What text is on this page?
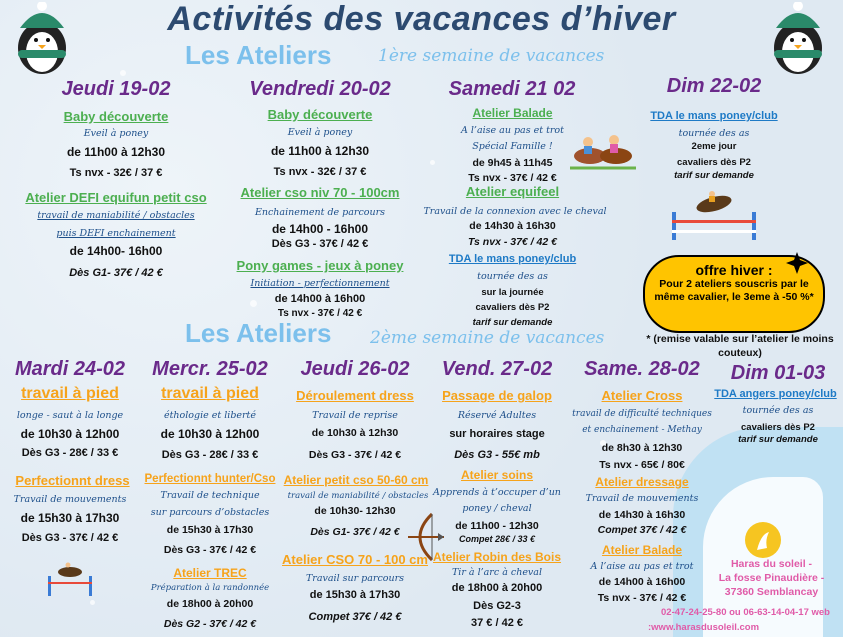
Activités des vacances d’hiver
Les Ateliers	1ère semaine de vacances
Jeudi 19-02
Baby découverte
Eveil à poney
de 11h00 à 12h30
Ts nvx - 32€ / 37 €
Atelier DEFI equifun petit cso
travail de maniabilité / obstacles
puis DEFI enchainement
de 14h00- 16h00
Dès G1- 37€ / 42 €
Vendredi 20-02
Baby découverte
Eveil à poney
de 11h00 à 12h30
Ts nvx - 32€ / 37 €
Atelier cso niv 70 - 100cm
Enchainement de parcours
de 14h00 - 16h00
Dès G3 - 37€ / 42 €
Pony games - jeux à poney
Initiation - perfectionnement
de 14h00 à 16h00
Ts nvx - 37€ / 42 €
Samedi 21 02
Atelier Balade
A l’aise au pas et trot
Spécial Famille !
de 9h45 à 11h45
Ts nvx - 37€ / 42 €
Atelier equifeel
Travail de la connexion avec le cheval
de 14h30 à 16h30
Ts nvx - 37€ / 42 €
TDA le mans poney/club
tournée des as
sur la journée
cavaliers dès P2
tarif sur demande
Dim 22-02
TDA le mans poney/club
tournée des as
2eme jour
cavaliers dès P2
tarif sur demande
offre hiver :
Pour 2 ateliers souscris par le même cavalier, le 3eme à -50 %*
* (remise valable sur l’atelier le moins couteux)
Les Ateliers 2ème semaine de vacances
Mardi 24-02
travail à pied
longe - saut à la longe
de 10h30 à 12h00
Dès G3 - 28€ / 33 €
Perfectionnt dress
Travail de mouvements
de 15h30 à 17h30
Dès G3 - 37€ / 42 €
Mercr. 25-02
travail à pied
éthologie et liberté
de 10h30 à 12h00
Dès G3 - 28€ / 33 €
Perfectionnt hunter/Cso
Travail de technique
sur parcours d’obstacles
de 15h30 à 17h30
Dès G3 - 37€ / 42 €
Atelier TREC
Préparation à la randonnée
de 18h00 à 20h00
Dès G2 - 37€ / 42 €
Jeudi 26-02
Déroulement dress
Travail de reprise
de 10h30 à 12h30
Dès G3 - 37€ / 42 €
Atelier petit cso 50-60 cm
travail de maniabilité / obstacles
de 10h30- 12h30
Dès G1- 37€ / 42 €
Atelier CSO 70 - 100 cm
Travail sur parcours
de 15h30 à 17h30
Compet 37€ / 42 €
Vend. 27-02
Passage de galop
Réservé Adultes
sur horaires stage
Dès G3 - 55€ mb
Atelier soins
Apprends à t’occuper d’un
poney / cheval
de 11h00 - 12h30
Compet 28€ / 33 €
Atelier Robin des Bois
Tir à l’arc à cheval
de 18h00 à 20h00
Dès G2-3
37 € / 42 €
Same. 28-02
Atelier Cross
travail de difficulté techniques
et enchainement - Methay
de 8h30 à 12h30
Ts nvx - 65€ / 80€
Atelier dressage
Travail de mouvements
de 14h30 à 16h30
Compet 37€ / 42 €
Atelier Balade
A l’aise au pas et trot
de 14h00 à 16h00
Ts nvx - 37€ / 42 €
Dim 01-03
TDA angers poney/club
tournée des as
cavaliers dès P2
tarif sur demande
Haras du soleil -
La fosse Pinaudière -
37360 Semblancay
02-47-24-25-80 ou 06-63-14-04-17 web
:www.harasdusoleil.com
